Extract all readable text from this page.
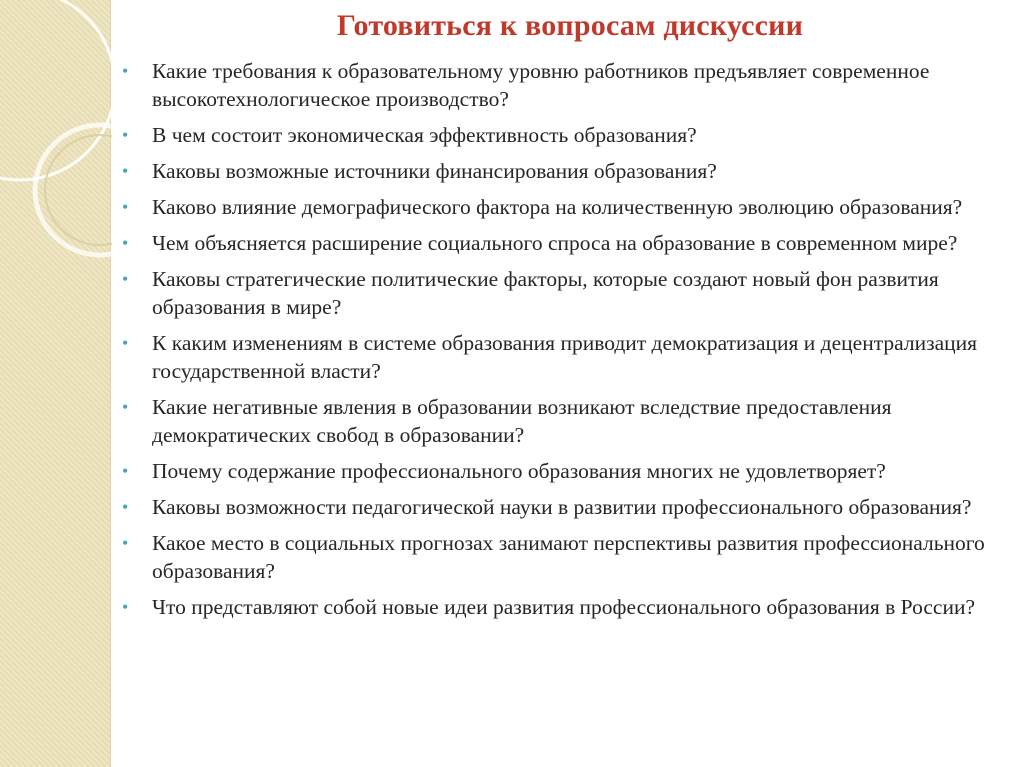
Готовиться к вопросам дискуссии
• Какие требования к образовательному уровню работников предъявляет современное высокотехнологическое производство?
• В чем состоит экономическая эффективность образования?
• Каковы возможные источники финансирования образования?
• Каково влияние демографического фактора на количественную эволюцию образования?
• Чем объясняется расширение социального спроса на образование в современном мире?
• Каковы стратегические политические факторы, которые создают новый фон развития образования в мире?
• К каким изменениям в системе образования приводит демократизация и децентрализация государственной власти?
• Какие негативные явления в образовании возникают вследствие предоставления демократических свобод в образовании?
• Почему содержание профессионального образования многих не удовлетворяет?
• Каковы возможности педагогической науки в развитии профессионального образования?
• Какое место в социальных прогнозах занимают перспективы развития профессионального образования?
• Что представляют собой новые идеи развития профессионального образования в России?
